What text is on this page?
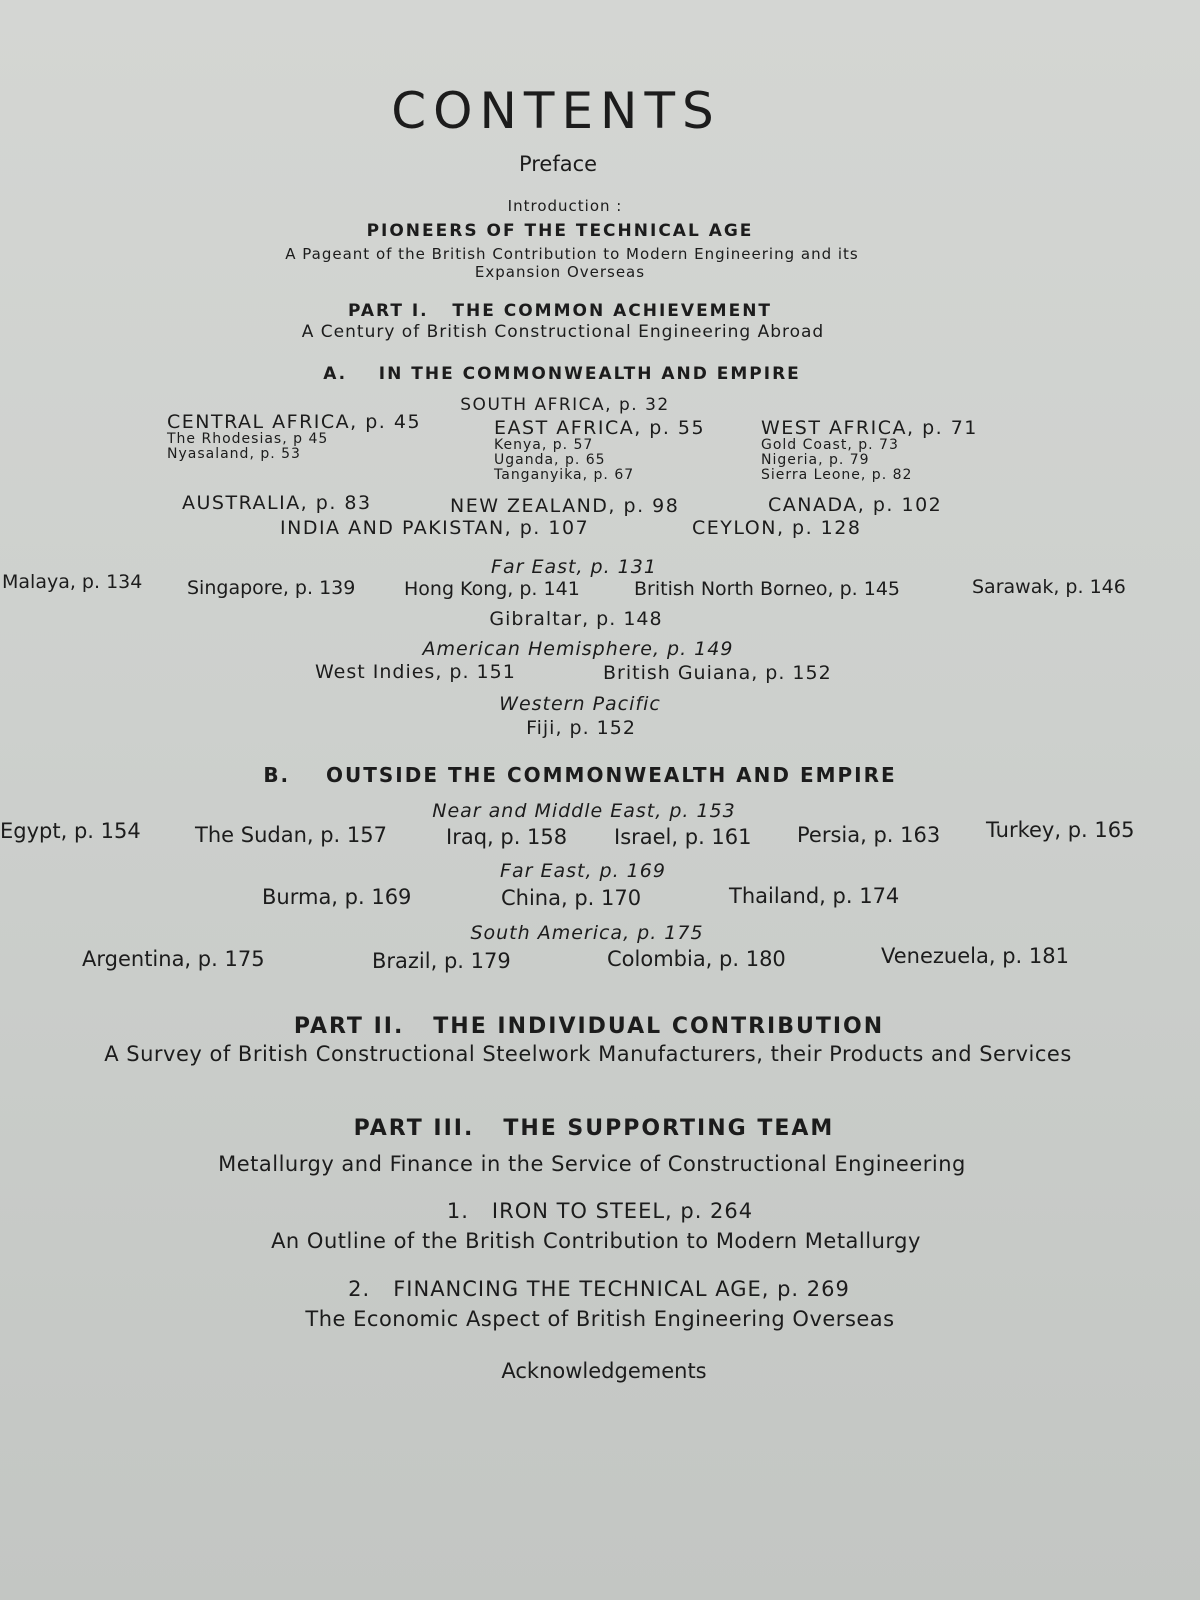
CONTENTS
Preface
Introduction :
PIONEERS OF THE TECHNICAL AGE
A Pageant of the British Contribution to Modern Engineering and its
Expansion Overseas
PART I.   THE COMMON ACHIEVEMENT
A Century of British Constructional Engineering Abroad
A.    IN THE COMMONWEALTH AND EMPIRE
SOUTH AFRICA, p. 32
CENTRAL AFRICA, p. 45
The Rhodesias, p 45
Nyasaland, p. 53
EAST AFRICA, p. 55
Kenya, p. 57
Uganda, p. 65
Tanganyika, p. 67
WEST AFRICA, p. 71
Gold Coast, p. 73
Nigeria, p. 79
Sierra Leone, p. 82
AUSTRALIA, p. 83	NEW ZEALAND, p. 98	CANADA, p. 102
INDIA AND PAKISTAN, p. 107	CEYLON, p. 128
Far East, p. 131
Malaya, p. 134 Singapore, p. 139	Hong Kong, p. 141	British North Borneo, p. 145	Sarawak, p. 146
Gibraltar, p. 148
American Hemisphere, p. 149
West Indies, p. 151	British Guiana, p. 152
Western Pacific
Fiji, p. 152
B.    OUTSIDE THE COMMONWEALTH AND EMPIRE
Near and Middle East, p. 153
Egypt, p. 154	The Sudan, p. 157	Iraq, p. 158 Israel, p. 161 Persia, p. 163 Turkey, p. 165
Far East, p. 169
Burma, p. 169	China, p. 170	Thailand, p. 174
South America, p. 175
Argentina, p. 175	Brazil, p. 179	Colombia, p. 180	Venezuela, p. 181
PART II.   THE INDIVIDUAL CONTRIBUTION
A Survey of British Constructional Steelwork Manufacturers, their Products and Services
PART III.   THE SUPPORTING TEAM
Metallurgy and Finance in the Service of Constructional Engineering
1.   IRON TO STEEL, p. 264
An Outline of the British Contribution to Modern Metallurgy
2.   FINANCING THE TECHNICAL AGE, p. 269
The Economic Aspect of British Engineering Overseas
Acknowledgements
